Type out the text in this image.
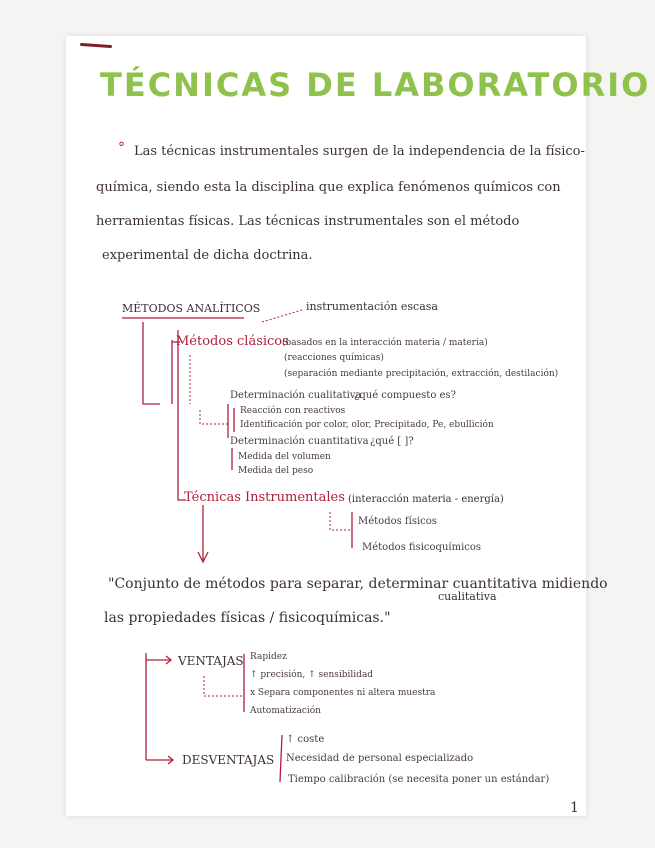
TÉCNICAS DE LABORATORIO
° Las técnicas instrumentales surgen de la independencia de la físico-
química, siendo esta la disciplina que explica fenómenos químicos con
herramientas físicas. Las técnicas instrumentales son el método
experimental de dicha doctrina.
MÉTODOS ANALÍTICOS	instrumentación escasa
Métodos clásicos
(basados en la interacción materia / materia)
(reacciones químicas)
(separación mediante precipitación, extracción, destilación)
Determinación cualitativa
¿qué compuesto es?
Reacción con reactivos
Identificación por color, olor, Precipitado, Pe, ebullición
Determinación cuantitativa ¿qué [ ]?
Medida del volumen
Medida del peso
Técnicas Instrumentales (interacción materia - energía)
Métodos físicos
Métodos fisicoquímicos
"Conjunto de métodos para separar, determinar cuantitativa midiendo
cualitativa
las propiedades físicas / fisicoquímicas."
VENTAJAS Rapidez
↑ precisión, ↑ sensibilidad
x Separa componentes ni altera muestra
Automatización
DESVENTAJAS
↑ coste
Necesidad de personal especializado
Tiempo calibración (se necesita poner un estándar)
1
